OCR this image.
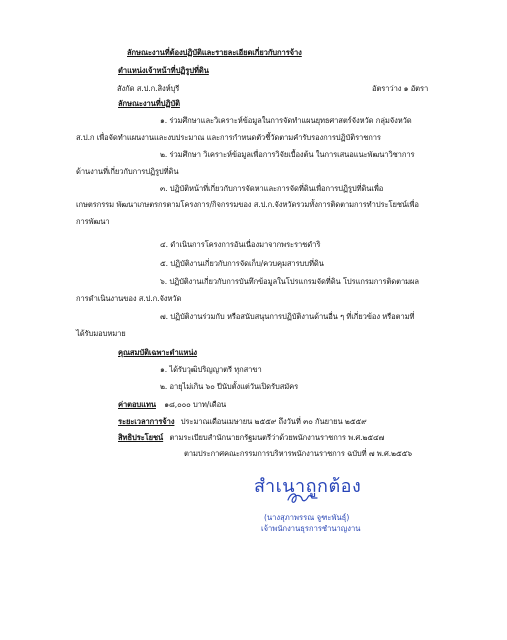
ลักษณะงานที่ต้องปฏิบัติและรายละเอียดเกี่ยวกับการจ้าง
ตำแหน่งเจ้าหน้าที่ปฏิรูปที่ดิน
สังกัด ส.ป.ก.สิงห์บุรี	อัตราว่าง ๑ อัตรา
ลักษณะงานที่ปฏิบัติ
๑. ร่วมศึกษาและวิเคราะห์ข้อมูลในการจัดทำแผนยุทธศาสตร์จังหวัด กลุ่มจังหวัด
ส.ป.ก เพื่อจัดทำแผนงานและงบประมาณ และการกำหนดตัวชี้วัดตามคำรับรองการปฏิบัติราชการ
๒. ร่วมศึกษา วิเคราะห์ข้อมูลเพื่อการวิจัยเบื้องต้น ในการเสนอแนะพัฒนาวิชาการ
ด้านงานที่เกี่ยวกับการปฏิรูปที่ดิน
๓. ปฏิบัติหน้าที่เกี่ยวกับการจัดหาและการจัดที่ดินเพื่อการปฏิรูปที่ดินเพื่อ
เกษตรกรรม พัฒนาเกษตรกรตามโครงการ/กิจกรรมของ ส.ป.ก.จังหวัดรวมทั้งการติดตามการทำประโยชน์เพื่อ
การพัฒนา
๔. ดำเนินการโครงการอันเนื่องมาจากพระราชดำริ
๕. ปฏิบัติงานเกี่ยวกับการจัดเก็บ/ควบคุมสารบบที่ดิน
๖. ปฏิบัติงานเกี่ยวกับการบันทึกข้อมูลในโปรแกรมจัดที่ดิน โปรแกรมการติดตามผล
การดำเนินงานของ ส.ป.ก.จังหวัด
๗. ปฏิบัติงานร่วมกับ หรือสนับสนุนการปฏิบัติงานด้านอื่น ๆ ที่เกี่ยวข้อง หรือตามที่
ได้รับมอบหมาย
คุณสมบัติเฉพาะตำแหน่ง
๑. ได้รับวุฒิปริญญาตรี ทุกสาขา
๒. อายุไม่เกิน ๖๐ ปีนับตั้งแต่วันเปิดรับสมัคร
ค่าตอบแทน ๑๘,๐๐๐ บาท/เดือน
ระยะเวลาการจ้าง ประมาณเดือนเมษายน ๒๕๕๙ ถึงวันที่ ๓๐ กันยายน ๒๕๕๙
สิทธิประโยชน์ ตามระเบียบสำนักนายกรัฐมนตรีว่าด้วยพนักงานราชการ พ.ศ.๒๕๔๗
ตามประกาศคณะกรรมการบริหารพนักงานราชการ ฉบับที่ ๗ พ.ศ.๒๕๕๖
สำเนาถูกต้อง
(นางสุภาพรรณ จูฑะพันธุ์)
เจ้าพนักงานธุรการชำนาญงาน
